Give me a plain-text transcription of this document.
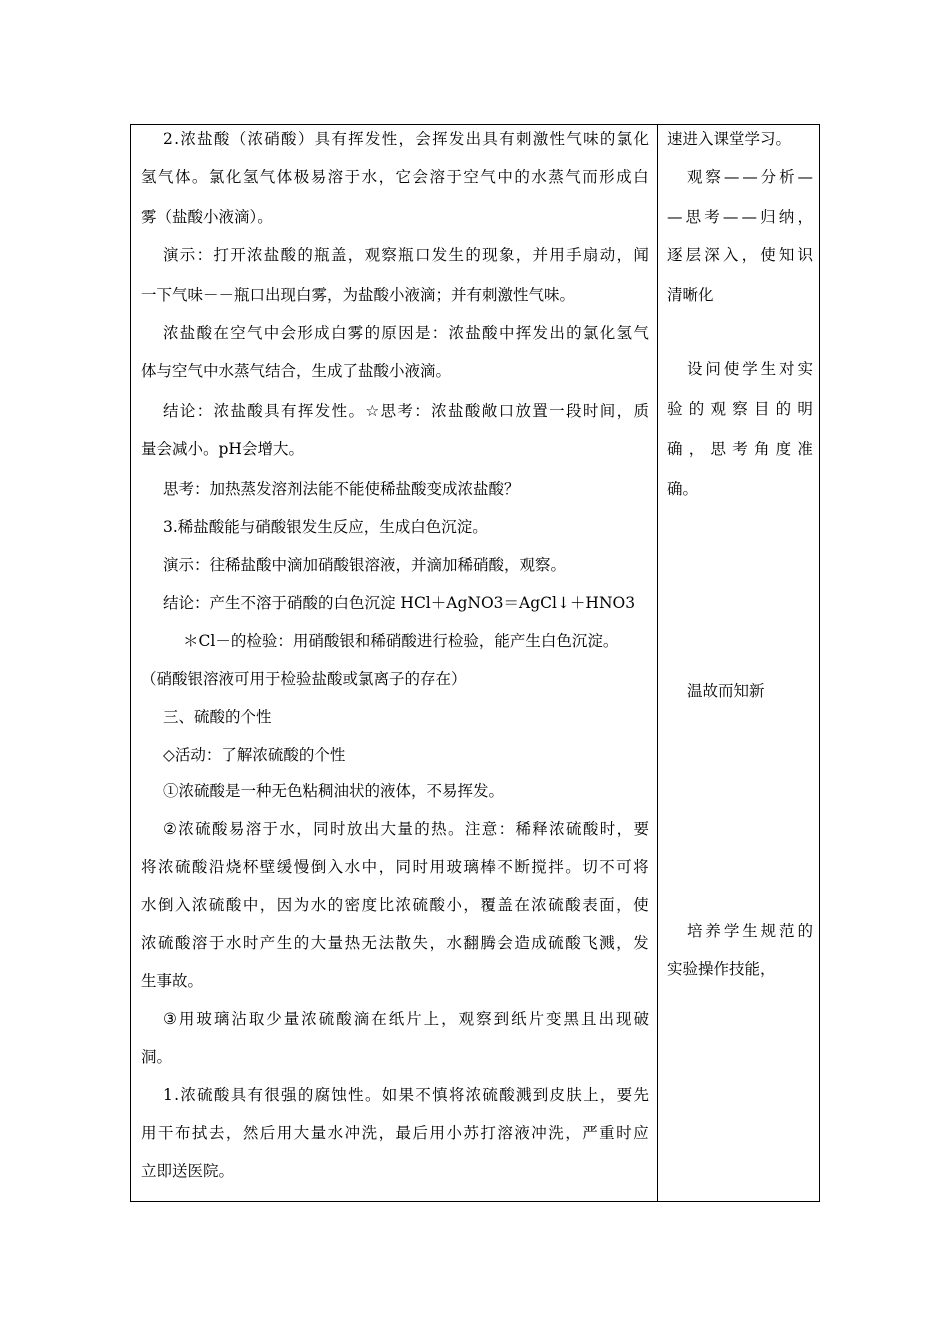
2 . 浓 盐 酸 （ 浓 硝 酸 ） 具 有 挥 发 性 ， 会 挥 发 出 具 有 刺 激 性 气 味 的 氯 化
氢 气 体 。 氯 化 氢 气 体 极 易 溶 于 水 ， 它 会 溶 于 空 气 中 的 水 蒸 气 而 形 成 白
雾（盐酸小液滴）。
演 示 ： 打 开 浓 盐 酸 的 瓶 盖 ， 观 察 瓶 口 发 生 的 现 象 ， 并 用 手 扇 动 ， 闻
一下气味－－瓶口出现白雾，为盐酸小液滴；并有刺激性气味。
浓 盐 酸 在 空 气 中 会 形 成 白 雾 的 原 因 是 ： 浓 盐 酸 中 挥 发 出 的 氯 化 氢 气
体与空气中水蒸气结合，生成了盐酸小液滴。
结 论 ： 浓 盐 酸 具 有 挥 发 性 。 ☆ 思 考 ： 浓 盐 酸 敞 口 放 置 一 段 时 间 ， 质
量会减小。pH会增大。
思考：加热蒸发溶剂法能不能使稀盐酸变成浓盐酸？
3.稀盐酸能与硝酸银发生反应，生成白色沉淀。
演示：往稀盐酸中滴加硝酸银溶液，并滴加稀硝酸，观察。
结论：产生不溶于硝酸的白色沉淀 HCl＋AgNO3＝AgCl↓＋HNO3
＊Cl－的检验：用硝酸银和稀硝酸进行检验，能产生白色沉淀。
（硝酸银溶液可用于检验盐酸或氯离子的存在）
三、硫酸的个性
◇活动：了解浓硫酸的个性
①浓硫酸是一种无色粘稠油状的液体，不易挥发。
② 浓 硫 酸 易 溶 于 水 ， 同 时 放 出 大 量 的 热 。 注 意 ： 稀 释 浓 硫 酸 时 ， 要
将 浓 硫 酸 沿 烧 杯 壁 缓 慢 倒 入 水 中 ， 同 时 用 玻 璃 棒 不 断 搅 拌 。 切 不 可 将
水 倒 入 浓 硫 酸 中 ， 因 为 水 的 密 度 比 浓 硫 酸 小 ， 覆 盖 在 浓 硫 酸 表 面 ， 使
浓 硫 酸 溶 于 水 时 产 生 的 大 量 热 无 法 散 失 ， 水 翻 腾 会 造 成 硫 酸 飞 溅 ， 发
生事故。
③ 用 玻 璃 沾 取 少 量 浓 硫 酸 滴 在 纸 片 上 ， 观 察 到 纸 片 变 黑 且 出 现 破
洞。
1 . 浓 硫 酸 具 有 很 强 的 腐 蚀 性 。 如 果 不 慎 将 浓 硫 酸 溅 到 皮 肤 上 ， 要 先
用 干 布 拭 去 ， 然 后 用 大 量 水 冲 洗 ， 最 后 用 小 苏 打 溶 液 冲 洗 ， 严 重 时 应
立即送医院。
速进入课堂学习。
观 察 — — 分 析 —
— 思 考 — — 归 纳 ，
逐 层 深 入 ， 使 知 识
清晰化
设 问 使 学 生 对 实
验 的 观 察 目 的 明
确 ， 思 考 角 度 准
确。
温故而知新
培 养 学 生 规 范 的
实验操作技能，
